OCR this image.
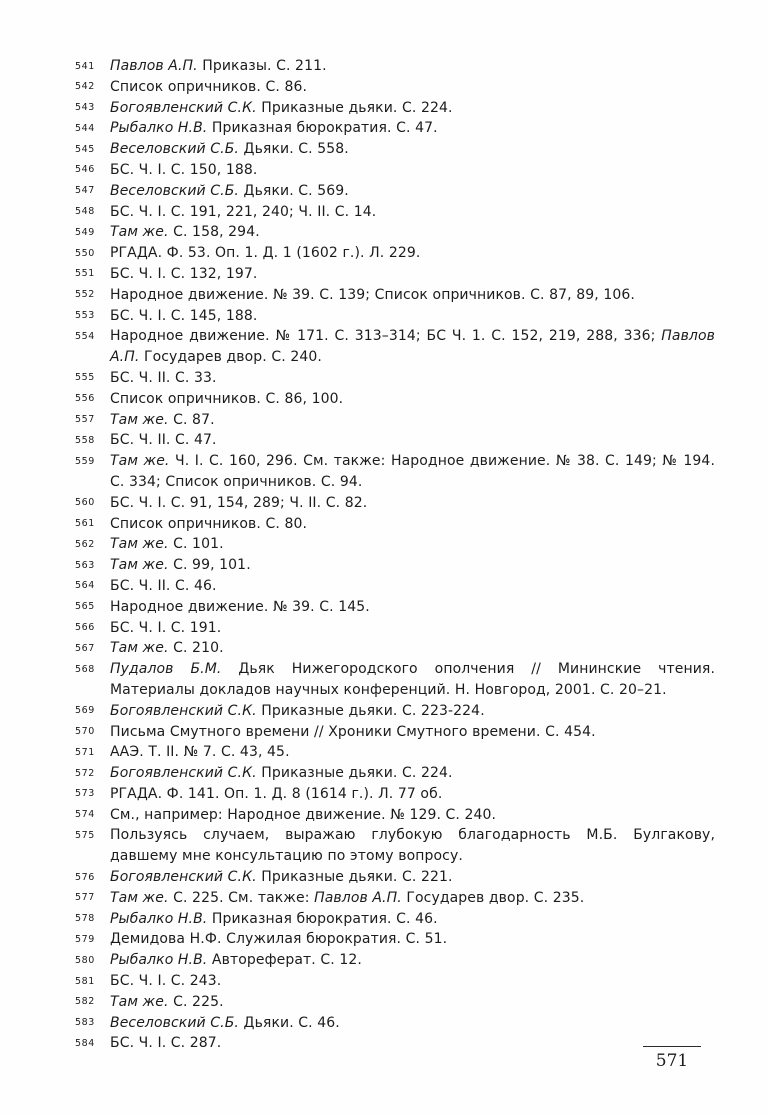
541 Павлов А.П. Приказы. С. 211.
542 Список опричников. С. 86.
543 Богоявленский С.К. Приказные дьяки. С. 224.
544 Рыбалко Н.В. Приказная бюрократия. С. 47.
545 Веселовский С.Б. Дьяки. С. 558.
546 БС. Ч. I. С. 150, 188.
547 Веселовский С.Б. Дьяки. С. 569.
548 БС. Ч. I. С. 191, 221, 240; Ч. II. С. 14.
549 Там же. С. 158, 294.
550 РГАДА. Ф. 53. Оп. 1. Д. 1 (1602 г.). Л. 229.
551 БС. Ч. I. С. 132, 197.
552 Народное движение. № 39. С. 139; Список опричников. С. 87, 89, 106.
553 БС. Ч. I. С. 145, 188.
554 Народное движение. № 171. С. 313–314; БС Ч. 1. С. 152, 219, 288, 336; Павлов А.П. Государев двор. С. 240.
555 БС. Ч. II. С. 33.
556 Список опричников. С. 86, 100.
557 Там же. С. 87.
558 БС. Ч. II. С. 47.
559 Там же. Ч. I. С. 160, 296. См. также: Народное движение. № 38. С. 149; № 194. С. 334; Список опричников. С. 94.
560 БС. Ч. I. С. 91, 154, 289; Ч. II. С. 82.
561 Список опричников. С. 80.
562 Там же. С. 101.
563 Там же. С. 99, 101.
564 БС. Ч. II. С. 46.
565 Народное движение. № 39. С. 145.
566 БС. Ч. I. С. 191.
567 Там же. С. 210.
568 Пудалов Б.М. Дьяк Нижегородского ополчения // Мининские чтения. Материалы докладов научных конференций. Н. Новгород, 2001. С. 20–21.
569 Богоявленский С.К. Приказные дьяки. С. 223-224.
570 Письма Смутного времени // Хроники Смутного времени. С. 454.
571 ААЭ. Т. II. № 7. С. 43, 45.
572 Богоявленский С.К. Приказные дьяки. С. 224.
573 РГАДА. Ф. 141. Оп. 1. Д. 8 (1614 г.). Л. 77 об.
574 См., например: Народное движение. № 129. С. 240.
575 Пользуясь случаем, выражаю глубокую благодарность М.Б. Булгакову, давшему мне консультацию по этому вопросу.
576 Богоявленский С.К. Приказные дьяки. С. 221.
577 Там же. С. 225. См. также: Павлов А.П. Государев двор. С. 235.
578 Рыбалко Н.В. Приказная бюрократия. С. 46.
579 Демидова Н.Ф. Служилая бюрократия. С. 51.
580 Рыбалко Н.В. Автореферат. С. 12.
581 БС. Ч. I. С. 243.
582 Там же. С. 225.
583 Веселовский С.Б. Дьяки. С. 46.
584 БС. Ч. I. С. 287.
571
